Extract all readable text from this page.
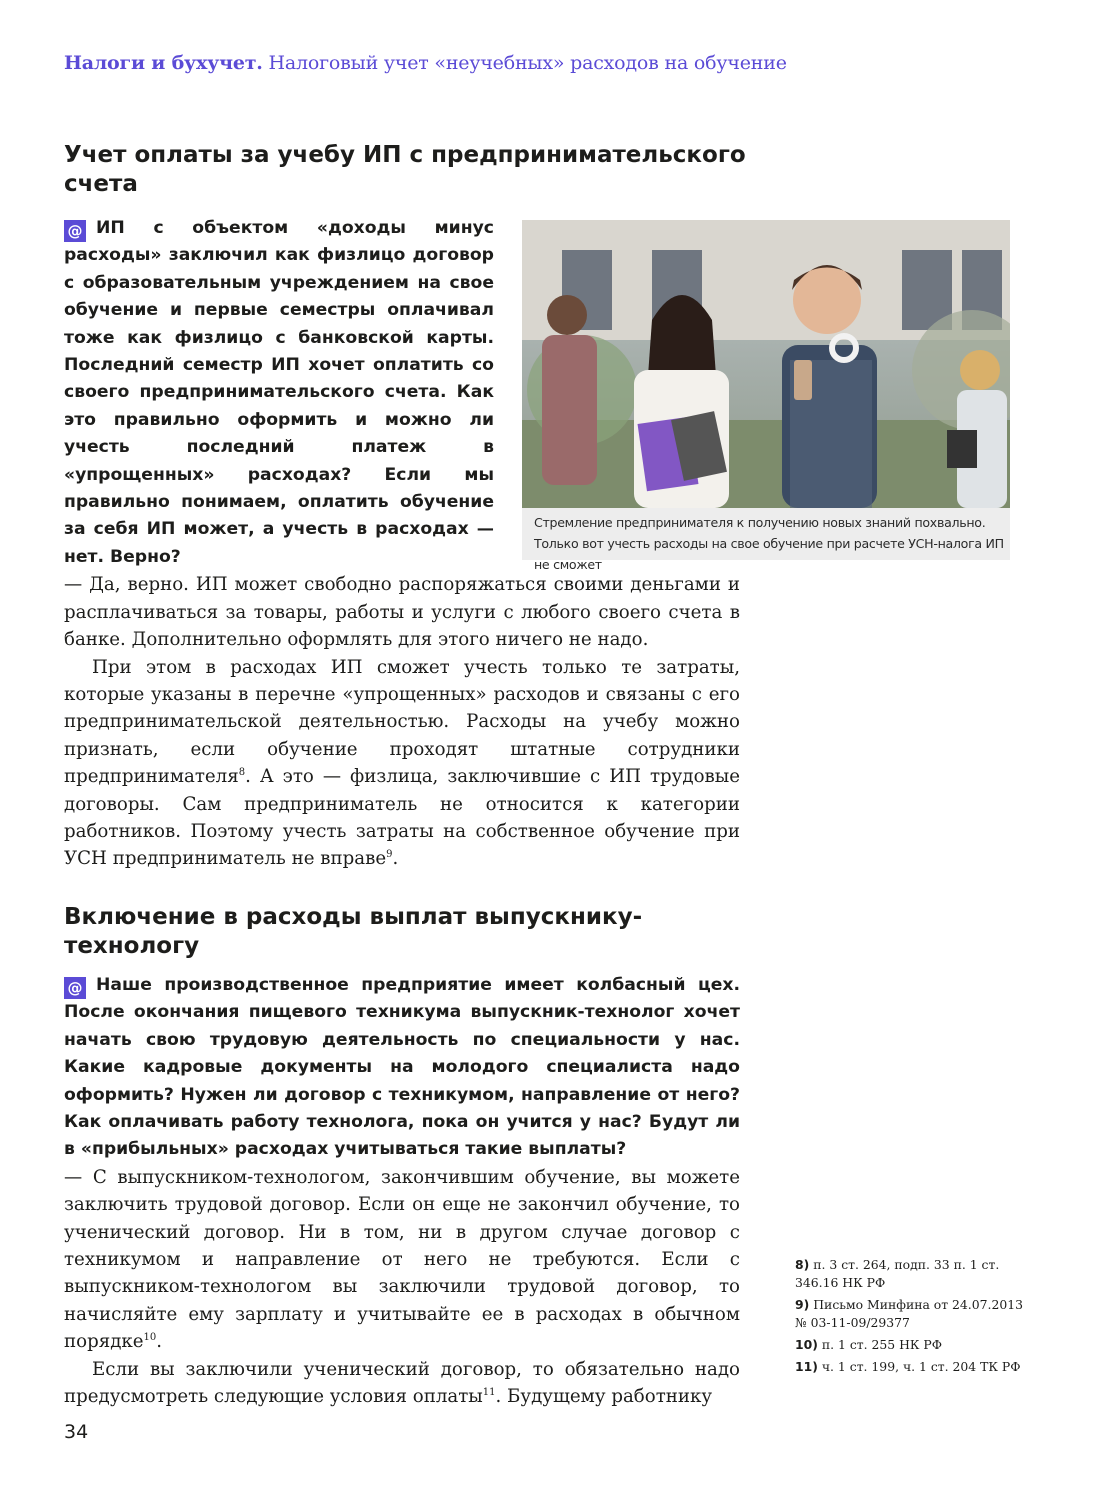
Налоги и бухучет. Налоговый учет «неучебных» расходов на обучение
Учет оплаты за учебу ИП с предпринимательского счета
Стремление предпринимателя к получению новых знаний похвально. Только вот учесть расходы на свое обучение при расчете УСН-налога ИП не сможет

@ ИП с объектом «доходы минус расходы» заключил как физлицо договор с образовательным учреждением на свое обучение и первые семестры оплачивал тоже как физлицо с банковской карты. Последний семестр ИП хочет оплатить со своего предпринимательского счета. Как это правильно оформить и можно ли учесть последний платеж в «упрощенных» расходах? Если мы правильно понимаем, оплатить обучение за себя ИП может, а учесть в расходах — нет. Верно?

— Да, верно. ИП может свободно распоряжаться своими деньгами и расплачиваться за товары, работы и услуги с любого своего счета в банке. Дополнительно оформлять для этого ничего не надо.

При этом в расходах ИП сможет учесть только те затраты, которые указаны в перечне «упрощенных» расходов и связаны с его предпринимательской деятельностью. Расходы на учебу можно признать, если обучение проходят штатные сотрудники предпринимателя$^8$. А это — физлица, заключившие с ИП трудовые договоры. Сам предприниматель не относится к категории работников. Поэтому учесть затраты на собственное обучение при УСН предприниматель не вправе$^9$.

Включение в расходы выплат выпускнику-технологу

@ Наше производственное предприятие имеет колбасный цех. После окончания пищевого техникума выпускник-технолог хочет начать свою трудовую деятельность по специальности у нас. Какие кадровые документы на молодого специалиста надо оформить? Нужен ли договор с техникумом, направление от него? Как оплачивать работу технолога, пока он учится у нас? Будут ли в «прибыльных» расходах учитываться такие выплаты?

— С выпускником-технологом, закончившим обучение, вы можете заключить трудовой договор. Если он еще не закончил обучение, то ученический договор. Ни в том, ни в другом случае договор с техникумом и направление от него не требуются. Если с выпускником-технологом вы заключили трудовой договор, то начисляйте ему зарплату и учитывайте ее в расходах в обычном порядке$^{10}$.

Если вы заключили ученический договор, то обязательно надо предусмотреть следующие условия оплаты$^{11}$. Будущему работнику

8) п. 3 ст. 264, подп. 33 п. 1 ст. 346.16 НК РФ
9) Письмо Минфина от 24.07.2013 № 03-11-09/29377
10) п. 1 ст. 255 НК РФ
11) ч. 1 ст. 199, ч. 1 ст. 204 ТК РФ
34
